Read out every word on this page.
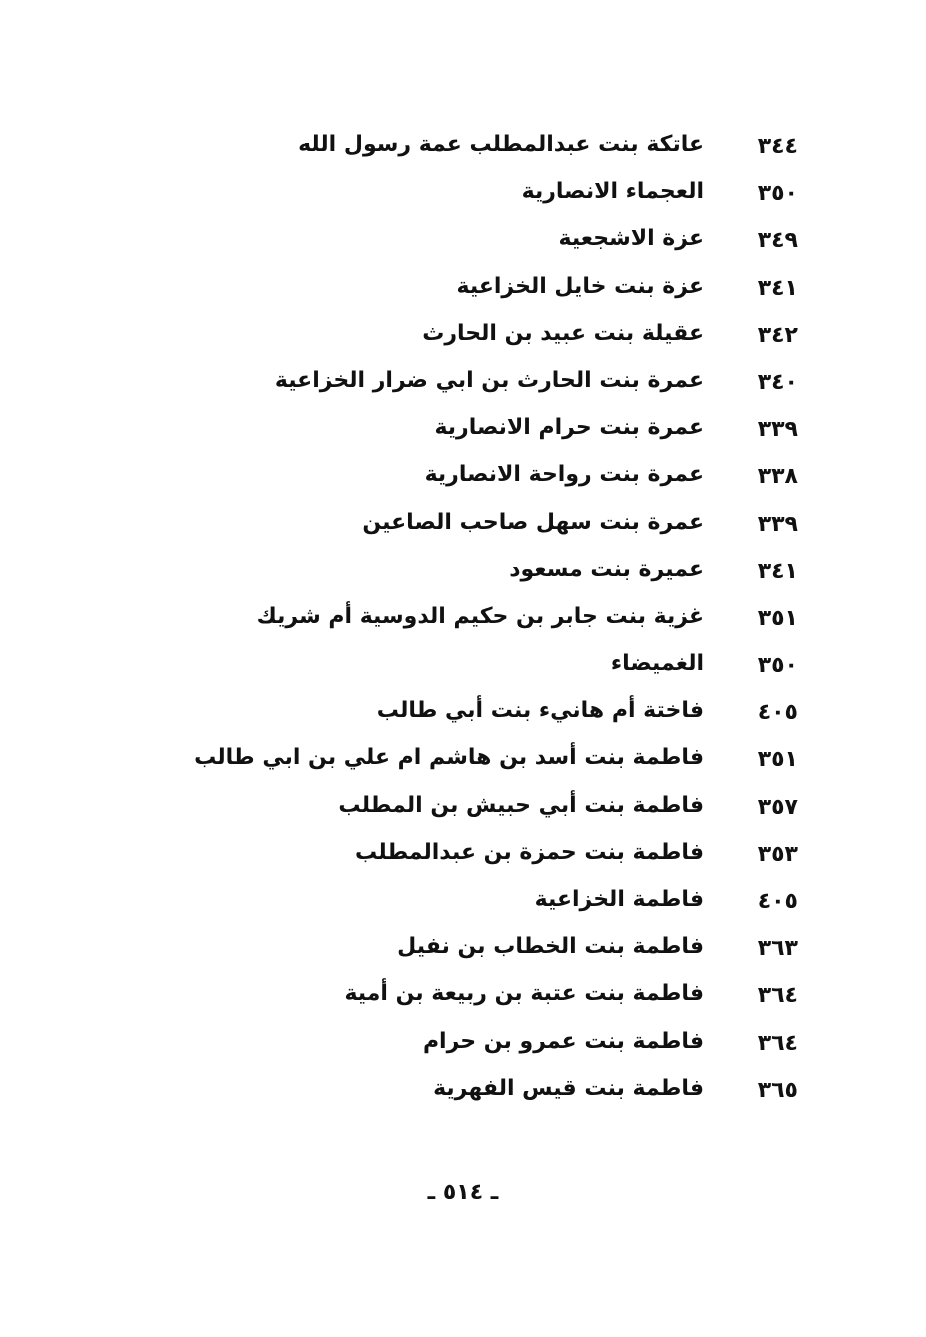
٣٤٤
عاتكة بنت عبدالمطلب عمة رسول الله
٣٥٠
العجماء الانصارية
٣٤٩
عزة الاشجعية
٣٤١
عزة بنت خايل الخزاعية
٣٤٢
عقيلة بنت عبيد بن الحارث
٣٤٠
عمرة بنت الحارث بن ابي ضرار الخزاعية
٣٣٩
عمرة بنت حرام الانصارية
٣٣٨
عمرة بنت رواحة الانصارية
٣٣٩
عمرة بنت سهل صاحب الصاعين
٣٤١
عميرة بنت مسعود
٣٥١
غزية بنت جابر بن حكيم الدوسية أم شريك
٣٥٠
الغميضاء
٤٠٥
فاختة أم هانيء بنت أبي طالب
٣٥١
فاطمة بنت أسد بن هاشم ام علي بن ابي طالب
٣٥٧
فاطمة بنت أبي حبيش بن المطلب
٣٥٣
فاطمة بنت حمزة بن عبدالمطلب
٤٠٥
فاطمة الخزاعية
٣٦٣
فاطمة بنت الخطاب بن نفيل
٣٦٤
فاطمة بنت عتبة بن ربيعة بن أمية
٣٦٤
فاطمة بنت عمرو بن حرام
٣٦٥
فاطمة بنت قيس الفهرية
ـ ٥١٤ ـ
